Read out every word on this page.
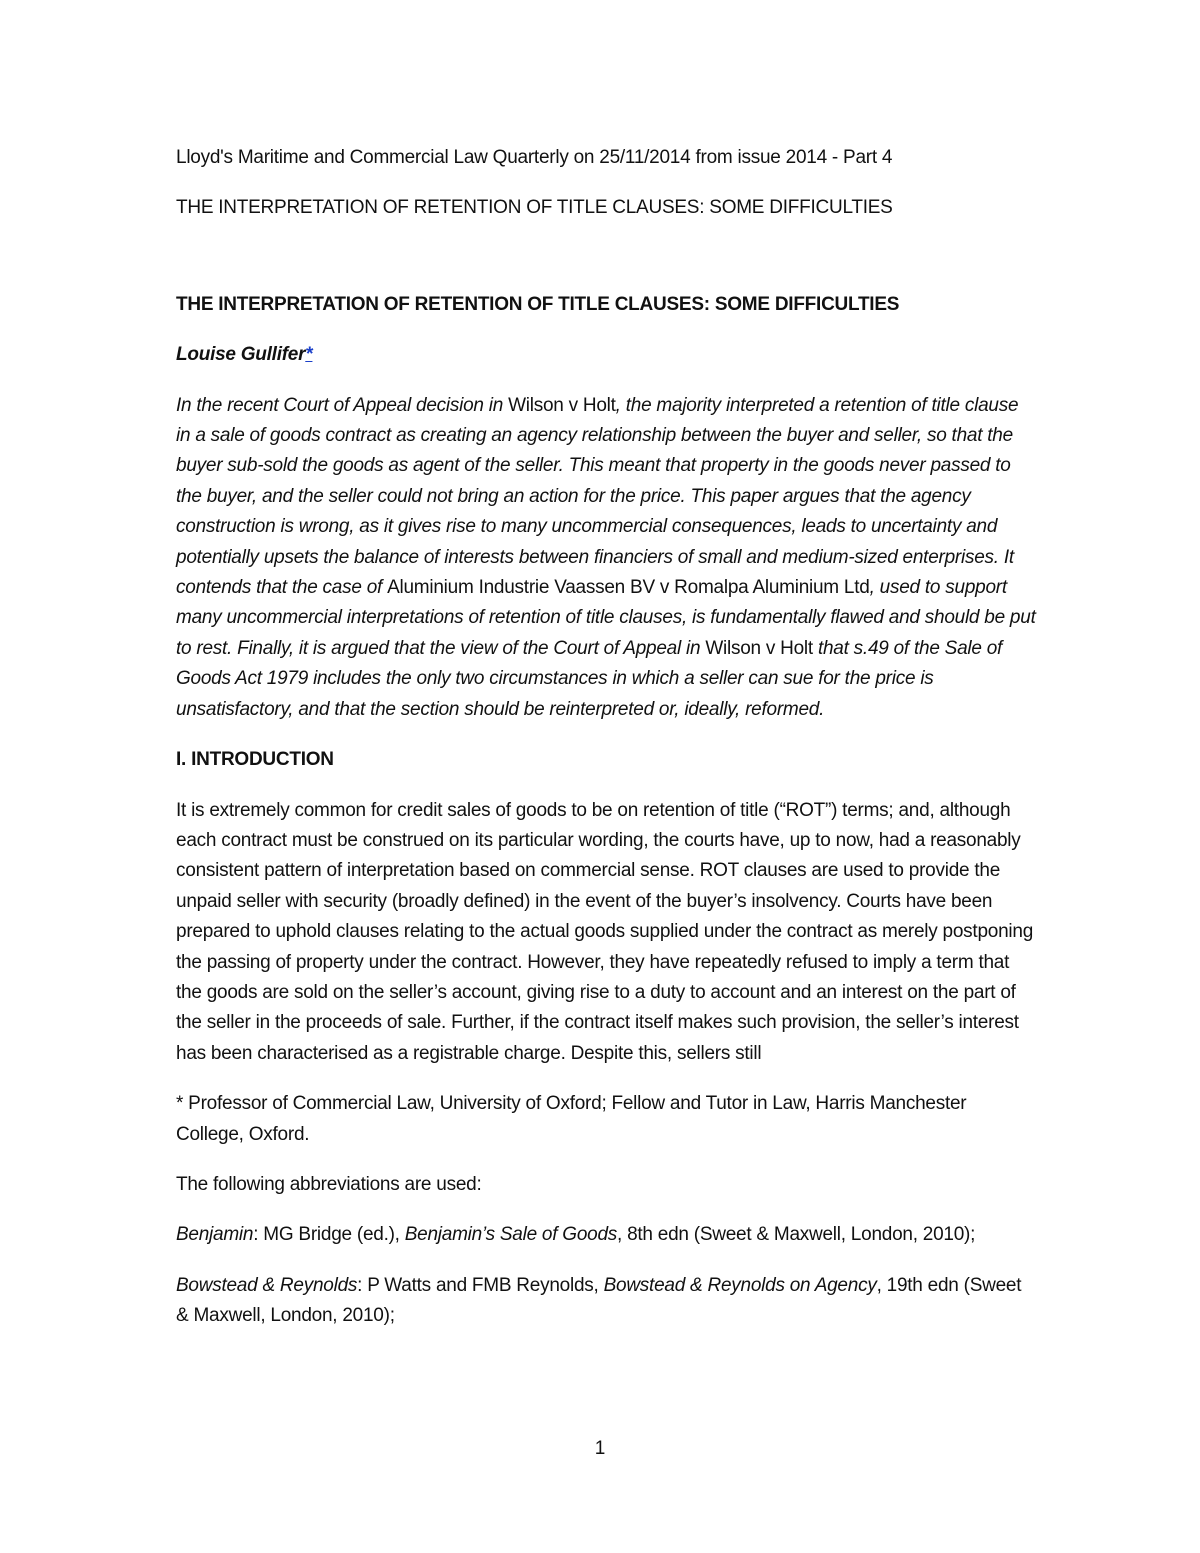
Lloyd's Maritime and Commercial Law Quarterly on 25/11/2014 from issue 2014 - Part 4

THE INTERPRETATION OF RETENTION OF TITLE CLAUSES: SOME DIFFICULTIES

THE INTERPRETATION OF RETENTION OF TITLE CLAUSES: SOME DIFFICULTIES

Louise Gullifer*

In the recent Court of Appeal decision in Wilson v Holt, the majority interpreted a retention of title clause in a sale of goods contract as creating an agency relationship between the buyer and seller, so that the buyer sub-sold the goods as agent of the seller. This meant that property in the goods never passed to the buyer, and the seller could not bring an action for the price. This paper argues that the agency construction is wrong, as it gives rise to many uncommercial consequences, leads to uncertainty and potentially upsets the balance of interests between financiers of small and medium-sized enterprises. It contends that the case of Aluminium Industrie Vaassen BV v Romalpa Aluminium Ltd, used to support many uncommercial interpretations of retention of title clauses, is fundamentally flawed and should be put to rest. Finally, it is argued that the view of the Court of Appeal in Wilson v Holt that s.49 of the Sale of Goods Act 1979 includes the only two circumstances in which a seller can sue for the price is unsatisfactory, and that the section should be reinterpreted or, ideally, reformed.

I. INTRODUCTION

It is extremely common for credit sales of goods to be on retention of title (“ROT”) terms; and, although each contract must be construed on its particular wording, the courts have, up to now, had a reasonably consistent pattern of interpretation based on commercial sense. ROT clauses are used to provide the unpaid seller with security (broadly defined) in the event of the buyer’s insolvency. Courts have been prepared to uphold clauses relating to the actual goods supplied under the contract as merely postponing the passing of property under the contract. However, they have repeatedly refused to imply a term that the goods are sold on the seller’s account, giving rise to a duty to account and an interest on the part of the seller in the proceeds of sale. Further, if the contract itself makes such provision, the seller’s interest has been characterised as a registrable charge. Despite this, sellers still

* Professor of Commercial Law, University of Oxford; Fellow and Tutor in Law, Harris Manchester College, Oxford.

The following abbreviations are used:

Benjamin: MG Bridge (ed.), Benjamin’s Sale of Goods, 8th edn (Sweet & Maxwell, London, 2010);

Bowstead & Reynolds: P Watts and FMB Reynolds, Bowstead & Reynolds on Agency, 19th edn (Sweet & Maxwell, London, 2010);

1
